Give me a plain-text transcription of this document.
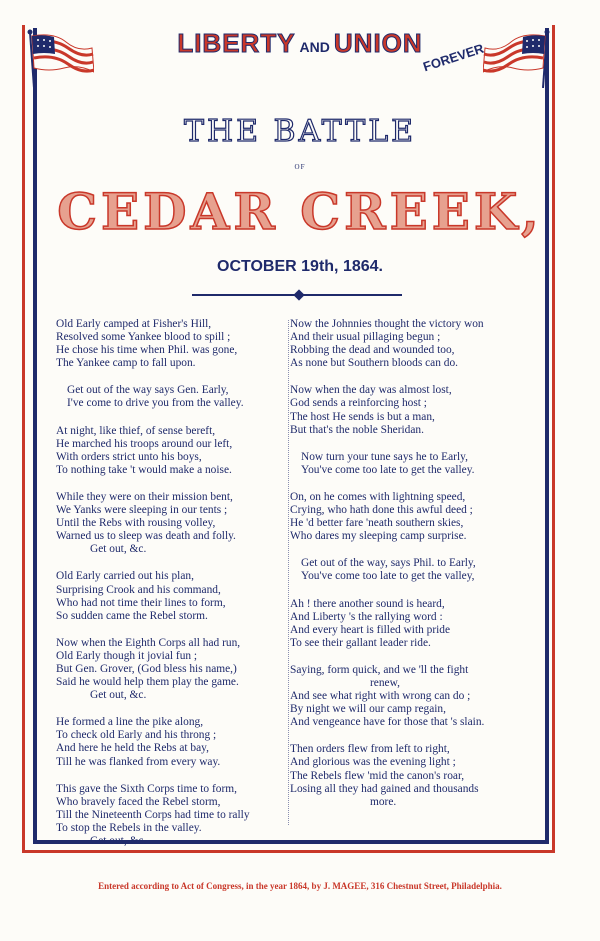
LIBERTY AND UNION
FOREVER
THE BATTLE
OF
CEDAR CREEK,
OCTOBER 19th, 1864.
Old Early camped at Fisher's Hill,
Resolved some Yankee blood to spill ;
He chose his time when Phil. was gone,
The Yankee camp to fall upon.
Get out of the way says Gen. Early,
I've come to drive you from the valley.
At night, like thief, of sense bereft,
He marched his troops around our left,
With orders strict unto his boys,
To nothing take 't would make a noise.
While they were on their mission bent,
We Yanks were sleeping in our tents ;
Until the Rebs with rousing volley,
Warned us to sleep was death and folly.
Get out, &c.
Old Early carried out his plan,
Surprising Crook and his command,
Who had not time their lines to form,
So sudden came the Rebel storm.
Now when the Eighth Corps all had run,
Old Early though it jovial fun ;
But Gen. Grover, (God bless his name,)
Said he would help them play the game.
Get out, &c.
He formed a line the pike along,
To check old Early and his throng ;
And here he held the Rebs at bay,
Till he was flanked from every way.
This gave the Sixth Corps time to form,
Who bravely faced the Rebel storm,
Till the Nineteenth Corps had time to rally
To stop the Rebels in the valley.
Get out, &c.
Now the Johnnies thought the victory won
And their usual pillaging begun ;
Robbing the dead and wounded too,
As none but Southern bloods can do.
Now when the day was almost lost,
God sends a reinforcing host ;
The host He sends is but a man,
But that's the noble Sheridan.
Now turn your tune says he to Early,
You've come too late to get the valley.
On, on he comes with lightning speed,
Crying, who hath done this awful deed ;
He 'd better fare 'neath southern skies,
Who dares my sleeping camp surprise.
Get out of the way, says Phil. to Early,
You've come too late to get the valley,
Ah ! there another sound is heard,
And Liberty 's the rallying word :
And every heart is filled with pride
To see their gallant leader ride.
Saying, form quick, and we 'll the fight
renew,
And see what right with wrong can do ;
By night we will our camp regain,
And vengeance have for those that 's slain.
Then orders flew from left to right,
And glorious was the evening light ;
The Rebels flew 'mid the canon's roar,
Losing all they had gained and thousands
more.
Entered according to Act of Congress, in the year 1864, by J. MAGEE, 316 Chestnut Street, Philadelphia.
